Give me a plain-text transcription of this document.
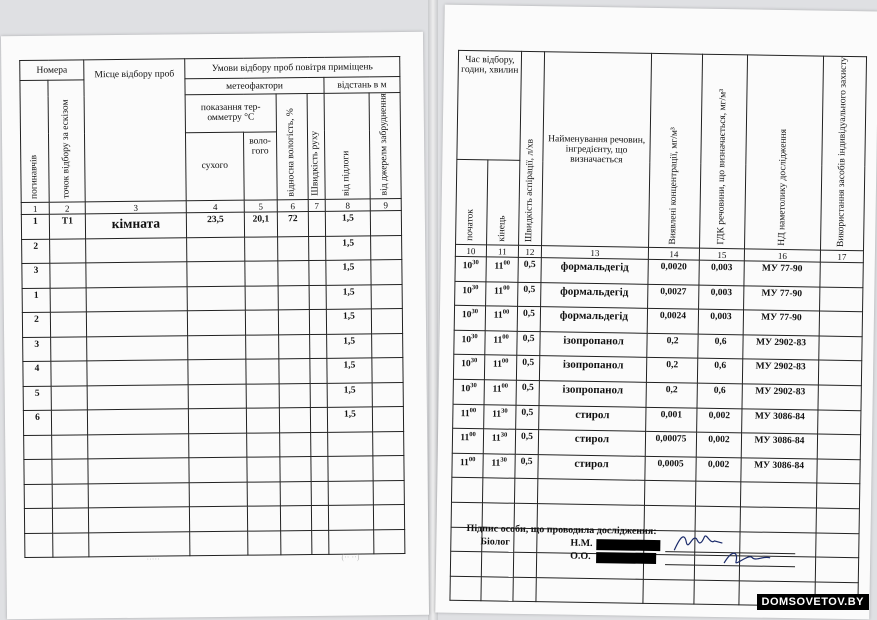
Номера		Місце відбору проб	Умови відбору проб повітря приміщень					
погинавчів	точок відбору за ескізом		метеофактори				відстань в м	
			показання тер-омметру °С		відносна вологість, %	Швидкість руху	від підлоги	від джерелм забруднення
			сухого	воло-гого				
1	2	3	4	5	6	7	8	9
1	Т1	кімната	23,5	20,1	72		1,5	
2							1,5	
3							1,5	
1							1,5	
2							1,5	
3							1,5	
4							1,5	
5							1,5	
6							1,5	

·····	(·· ··)
Час відбору, годин, хвилин		Швидкість аспірації, л/хв	Найменування речовин, інгредієнту, що визначається	Виявлені концентрації, мг/м³	ГДК речовини, що визначається, мг/м³	НД наметолику дослідження	Використання засобів індивідуального захисту
початок	кінець						
10	11	12	13	14	15	16	17
$10^{30}$	$11^{00}$	0,5	формальдегід	0,0020	0,003	МУ 77-90	
$10^{30}$	$11^{00}$	0,5	формальдегід	0,0027	0,003	МУ 77-90	
$10^{30}$	$11^{00}$	0,5	формальдегід	0,0024	0,003	МУ 77-90	
$10^{30}$	$11^{00}$	0,5	ізопропанол	0,2	0,6	МУ 2902-83	
$10^{30}$	$11^{00}$	0,5	ізопропанол	0,2	0,6	МУ 2902-83	
$10^{30}$	$11^{00}$	0,5	ізопропанол	0,2	0,6	МУ 2902-83	
$11^{00}$	$11^{30}$	0,5	стирол	0,001	0,002	МУ 3086-84	
$11^{00}$	$11^{30}$	0,5	стирол	0,00075	0,002	МУ 3086-84	
$11^{00}$	$11^{30}$	0,5	стирол	0,0005	0,002	МУ 3086-84	

Підпис особи, що проводила дослідження:
Біолог	Н.М.
О.О.
DOMSOVETOV.BY
